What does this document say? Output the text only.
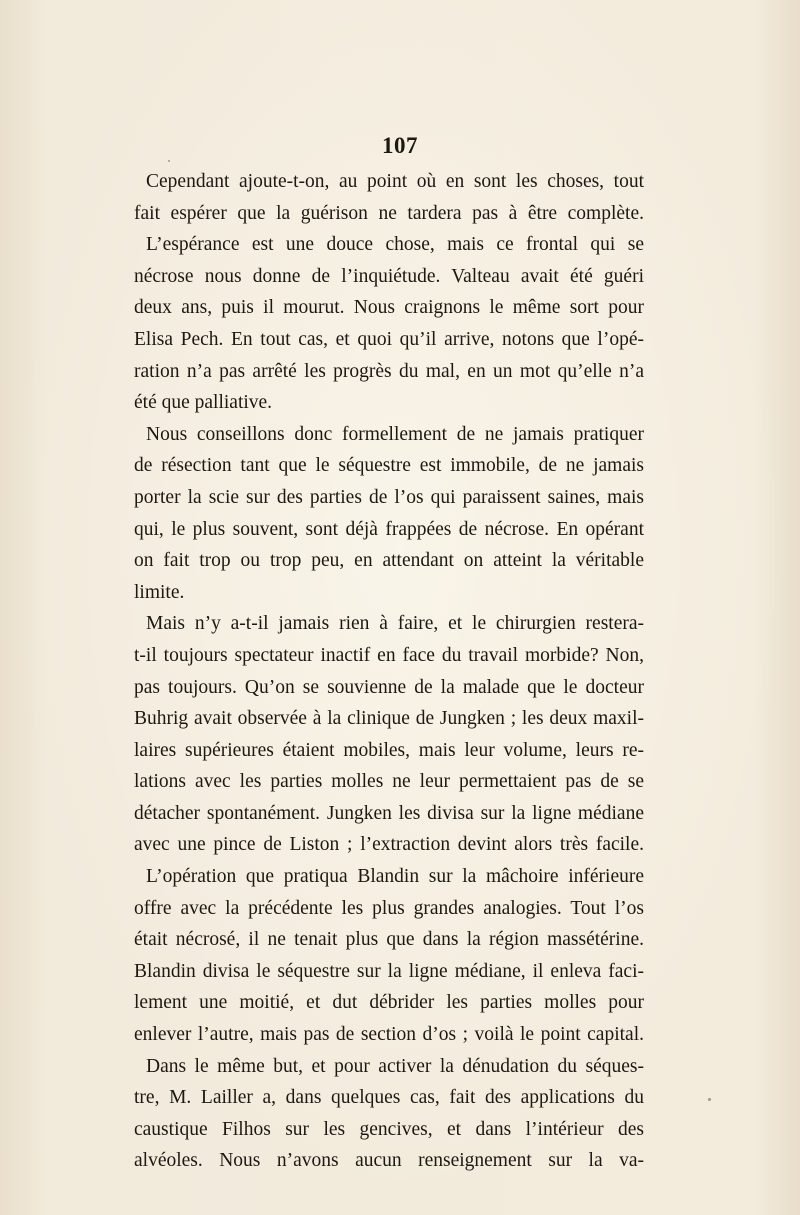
107
Cependant ajoute-t-on, au point où en sont les choses, tout
fait espérer que la guérison ne tardera pas à être complète.
L’espérance est une douce chose, mais ce frontal qui se
nécrose nous donne de l’inquiétude. Valteau avait été guéri
deux ans, puis il mourut. Nous craignons le même sort pour
Elisa Pech. En tout cas, et quoi qu’il arrive, notons que l’opé-
ration n’a pas arrêté les progrès du mal, en un mot qu’elle n’a
été que palliative.
Nous conseillons donc formellement de ne jamais pratiquer
de résection tant que le séquestre est immobile, de ne jamais
porter la scie sur des parties de l’os qui paraissent saines, mais
qui, le plus souvent, sont déjà frappées de nécrose. En opérant
on fait trop ou trop peu, en attendant on atteint la véritable
limite.
Mais n’y a-t-il jamais rien à faire, et le chirurgien restera-
t-il toujours spectateur inactif en face du travail morbide? Non,
pas toujours. Qu’on se souvienne de la malade que le docteur
Buhrig avait observée à la clinique de Jungken ; les deux maxil-
laires supérieures étaient mobiles, mais leur volume, leurs re-
lations avec les parties molles ne leur permettaient pas de se
détacher spontanément. Jungken les divisa sur la ligne médiane
avec une pince de Liston ; l’extraction devint alors très facile.
L’opération que pratiqua Blandin sur la mâchoire inférieure
offre avec la précédente les plus grandes analogies. Tout l’os
était nécrosé, il ne tenait plus que dans la région massétérine.
Blandin divisa le séquestre sur la ligne médiane, il enleva faci-
lement une moitié, et dut débrider les parties molles pour
enlever l’autre, mais pas de section d’os ; voilà le point capital.
Dans le même but, et pour activer la dénudation du séques-
tre, M. Lailler a, dans quelques cas, fait des applications du
caustique Filhos sur les gencives, et dans l’intérieur des
alvéoles. Nous n’avons aucun renseignement sur la va-
